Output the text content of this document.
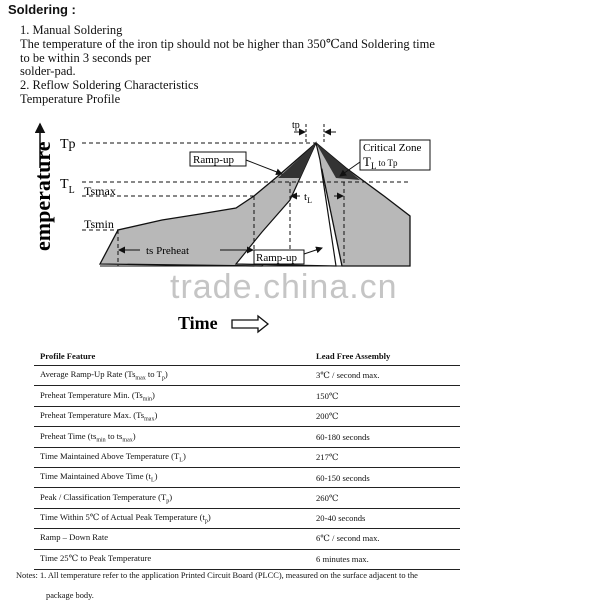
Soldering :
1. Manual Soldering
The temperature of the iron tip should not be higher than 350℃and Soldering time
to be within 3 seconds per
solder-pad.
2. Reflow Soldering Characteristics
Temperature Profile
emperature
tp
$t_L$
ts Preheat
Tp
$T_L$ Tsmax
Tsmin
Ramp-up
Ramp-up
Critical Zone
$T_L$ $^{to}$ Tp
Time
trade.china.cn
Profile Feature	Lead Free Assembly
Average Ramp-Up Rate ($Ts_{max}$ to $T_p$)	3℃ / second max.
Preheat Temperature Min. $(Ts_{min})$	150℃
Preheat Temperature Max. $(Ts_{max})$	200℃
Preheat Time ($ts_{min}$ to $ts_{max}$)	60-180 seconds
Time Maintained Above Temperature $(T_L)$	217℃
Time Maintained Above Time $(t_L)$	60-150 seconds
Peak / Classification Temperature $(T_p)$	260℃
Time Within 5℃ of Actual Peak Temperature $(t_p)$	20-40 seconds
Ramp – Down Rate	6℃ / second max.
Time 25℃ to Peak Temperature	6 minutes max.
Notes: 1. All temperature refer to the application Printed Circuit Board (PLCC), measured on the surface adjacent to the
package body.
